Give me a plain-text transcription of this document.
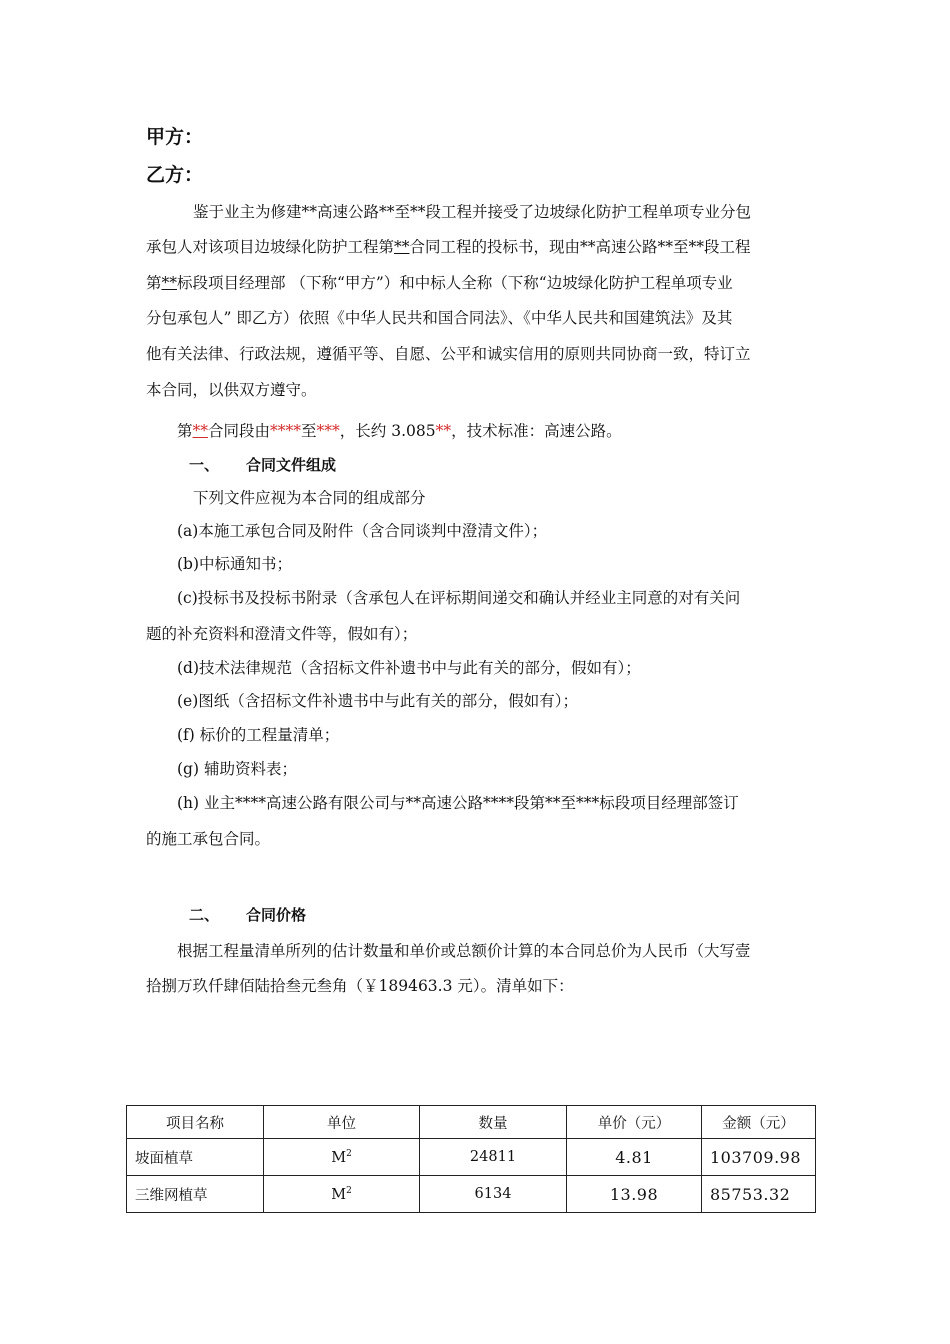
甲方：
乙方：
鉴于业主为修建**高速公路**至**段工程并接受了边坡绿化防护工程单项专业分包
承包人对该项目边坡绿化防护工程第**合同工程的投标书，现由**高速公路**至**段工程
第**标段项目经理部 （下称“甲方”）和中标人全称（下称“边坡绿化防护工程单项专业
分包承包人” 即乙方）依照《中华人民共和国合同法》、《中华人民共和国建筑法》及其
他有关法律、行政法规，遵循平等、自愿、公平和诚实信用的原则共同协商一致，特订立
本合同，以供双方遵守。
第**合同段由****至***，长约 3.085**，技术标准：高速公路。
一、 合同文件组成
下列文件应视为本合同的组成部分
(a)本施工承包合同及附件（含合同谈判中澄清文件）；
(b)中标通知书；
(c)投标书及投标书附录（含承包人在评标期间递交和确认并经业主同意的对有关问
题的补充资料和澄清文件等，假如有）；
(d)技术法律规范（含招标文件补遗书中与此有关的部分，假如有）；
(e)图纸（含招标文件补遗书中与此有关的部分，假如有）；
(f) 标价的工程量清单；
(g) 辅助资料表；
(h) 业主****高速公路有限公司与**高速公路****段第**至***标段项目经理部签订
的施工承包合同。
二、 合同价格
根据工程量清单所列的估计数量和单价或总额价计算的本合同总价为人民币（大写壹
拾捌万玖仟肆佰陆拾叁元叁角（￥189463.3 元）。清单如下：
项目名称	单位	数量	单价（元）	金额（元）
坡面植草	$M^2$	24811	4.81	103709.98
三维网植草	$M^2$	6134	13.98	85753.32
